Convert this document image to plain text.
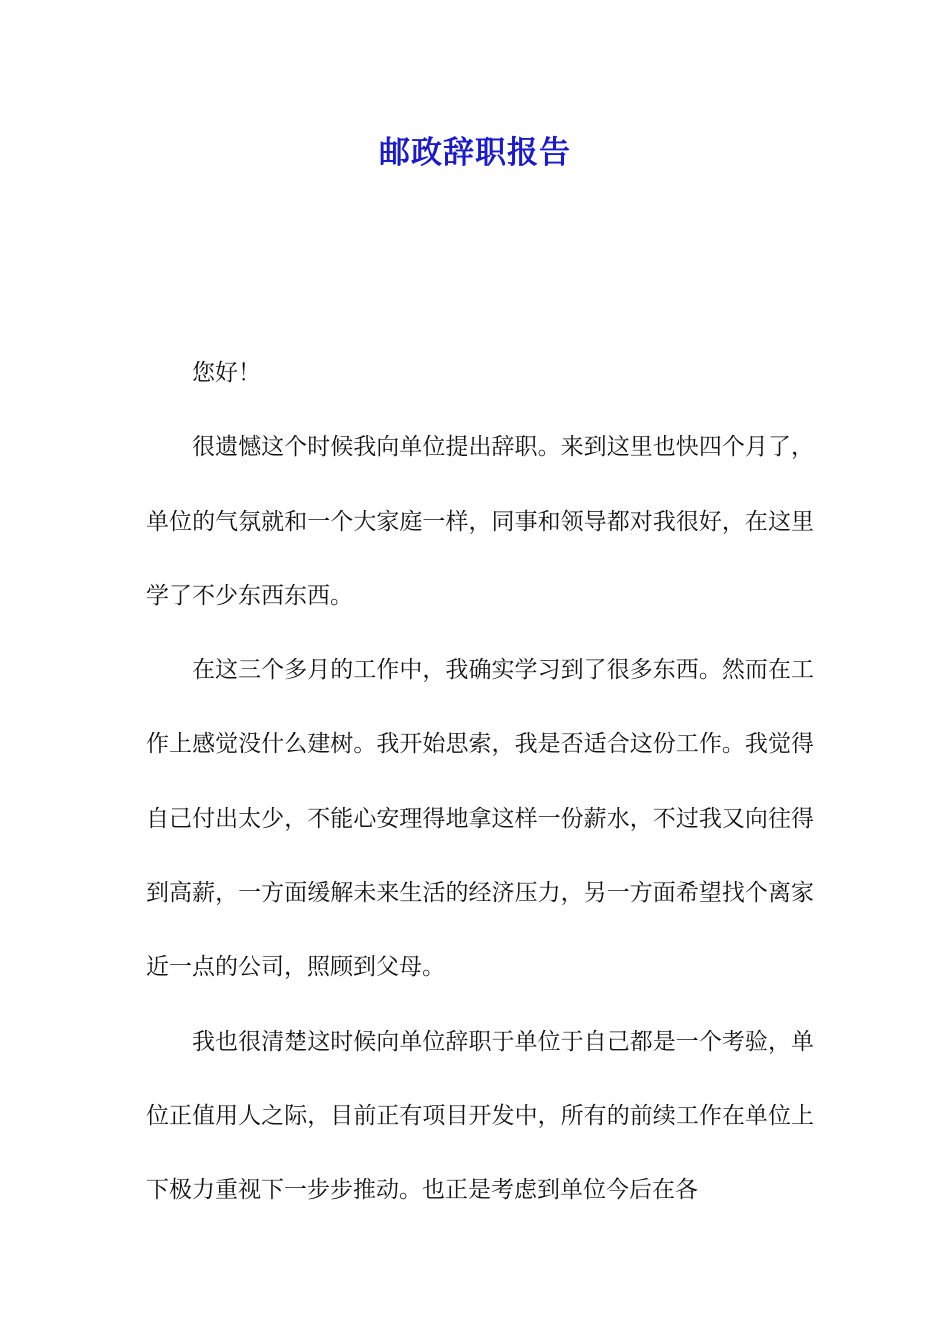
邮政辞职报告

您好！

很遗憾这个时候我向单位提出辞职。来到这里也快四个月了，单位的气氛就和一个大家庭一样，同事和领导都对我很好，在这里学了不少东西东西。

在这三个多月的工作中，我确实学习到了很多东西。然而在工作上感觉没什么建树。我开始思索，我是否适合这份工作。我觉得自己付出太少，不能心安理得地拿这样一份薪水，不过我又向往得到高薪，一方面缓解未来生活的经济压力，另一方面希望找个离家近一点的公司，照顾到父母。

我也很清楚这时候向单位辞职于单位于自己都是一个考验，单位正值用人之际，目前正有项目开发中，所有的前续工作在单位上下极力重视下一步步推动。也正是考虑到单位今后在各
